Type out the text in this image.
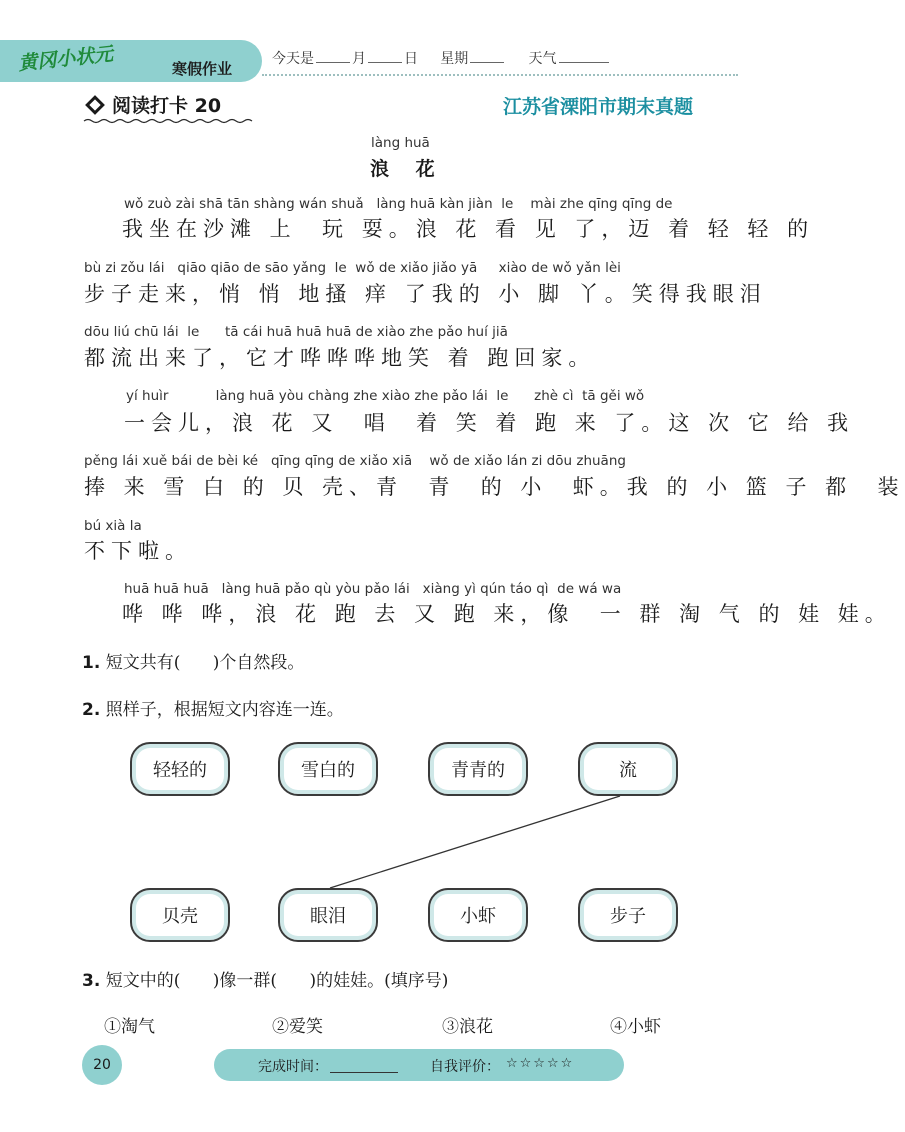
黄冈小状元	寒假作业
今天是	月	日 星期	天气
阅读打卡 20	江苏省溧阳市期末真题
làng huā
浪 花
wǒ zuò zài shā tān shàng wán shuǎ   làng huā kàn jiàn  le    mài zhe qīng qīng de
我坐在沙滩 上  玩 耍。浪 花 看 见 了，迈 着 轻 轻 的
bù zi zǒu lái   qiāo qiāo de sāo yǎng  le  wǒ de xiǎo jiǎo yā     xiào de wǒ yǎn lèi
步子走来，悄 悄 地搔 痒 了我的 小 脚 丫。笑得我眼泪
dōu liú chū lái  le      tā cái huā huā huā de xiào zhe pǎo huí jiā
都流出来了，它才哗哗哗地笑 着 跑回家。
yí huìr           làng huā yòu chàng zhe xiào zhe pǎo lái  le      zhè cì  tā gěi wǒ
一会儿，浪 花 又  唱  着 笑 着 跑 来 了。这 次 它 给 我
pěng lái xuě bái de bèi ké   qīng qīng de xiǎo xiā    wǒ de xiǎo lán zi dōu zhuāng
捧 来 雪 白 的 贝 壳、青  青  的 小  虾。我 的 小 篮 子 都  装
bú xià la
不下啦。
huā huā huā   làng huā pǎo qù yòu pǎo lái   xiàng yì qún táo qì  de wá wa
哗 哗 哗，浪 花 跑 去 又 跑 来，像  一 群 淘 气 的 娃 娃。
1. 短文共有(      )个自然段。
2. 照样子，根据短文内容连一连。
轻轻的	雪白的	青青的	流
贝壳	眼泪	小虾	步子
3. 短文中的(      )像一群(      )的娃娃。(填序号)
①淘气	②爱笑	③浪花	④小虾
20	完成时间：	自我评价： ☆☆☆☆☆
